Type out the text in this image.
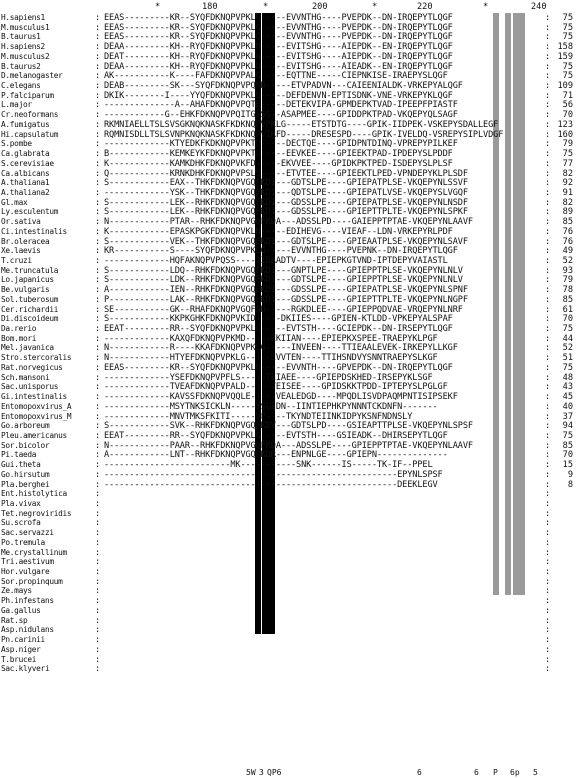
*	180	*	200	*	220	*	240
H.sapiens1	: EEAS---------KR--SYQFDKNQPVPKLG-----EVVNTHG----PVEPDK--DN-IRQEPYTLQGF	:	75
M.musculus1	: EEAS---------KR--SYQFDKNQPVPKLG-----EVVNTHG----PVEPDK--DN-IRQEPYTLQGF	:	75
B.taurus1	: EEAS---------KR--SYQFDKNQPVPKLG-----EVVNTHG----PVEPDK--DN-IRQEPYTLQGF	:	75
H.sapiens2	: DEAA---------KH--RYQFDKNQPVPKLN-----EVITSHG----AIEPDK--EN-IRQEPYTLQGF	: 158
M.musculus2	: DEAT---------KH--RYQFDKNQPVPKLN-----EVITSHG----AIEPDK--DN-IRQEPYTLQGF	: 159
B.taurus2	: DEAA---------KH--RYQFDKNQPVPKLN-----EVITSHG----AIEADK--EN-IRQEPYTLQGF	:	75
D.melanogaster	: AK-----------K----FAFDKNQPVPALG-----EQTTNE-----CIEPNKISE-IRAEPYSLQGF	:	75
C.elegans	: DEAB---------SK---SYQFDKNQPVPQMD-----ETVPADVN---CAIEENIALDK-VRKEPYALQGF	: 109
P.falciparum	: DKIK--------I----YYQFDKNQPVPKLG-----DEFDENVN-EPTISDNK-VNE-VRKEPYKLQGF	:	71
L.major	: --------------A--AHAFDKNQPVPQTE-----DETEKVIPA-GPMDEPKTVAD-IPEEPFPIASTF	:	56
Cr.neoformans	: ------------G--EHKFDKNQPVPQITG-SG--ASAPMEE----GPIDDPKTPAD-VKQEPYQLSAGF	:	70
A.fumigatus	: RKMNIAELLTSLSVSGKNQKNASKFKDKNQPVPKLG-----ETSTDTG----GPIK-IIDPEK-VSKEPYSDALLEGF	: 123
Hi.capsulatum	: RQMNISDLLTSLSVNPKNQKNASKFKDKNQPVIRFD-----DRESESPD----GPIK-IVELDQ-VSREPYSIPLVDGF	: 160
S.pombe	: -------------KTYEDKFKDKNQPVPKTD-----DECTQE----GPIDPNTDINQ-VPREPYPILKEF	:	79
Ca.glabrata	: B------------KEMKEYKFDKNQPVPKTD-----EEVKEE----GPIEEKTPAD-IPDEPYSLPDDF	:	75
S.cerevisiae	: K------------KAMKDHKFDKNQPVKFD-----EKVVEE----GPIDKPKTPED-ISDEPYSLPLSF	:	77
Ca.albicans	: Q------------KRNKDHKFDKNQPVPSLS-----ETVTEE----GPIEEKTLPED-VPNDEPYKLPLSDF	:	82
A.thaliana1	: S------------EAX--THKFDKNQPVGQFKDI---GDTSLPE----GPIEPATPLSE-VKQEPYNLSSVF	:	92
A.thaliana2	: -------------YSK--THKFDKNQPVGQFKDI---QDTSLPE----GPIEPATLVSE-VKQEPYSLVGQF	:	91
Gl.max	: S------------LEK--RHKFDKNQPVGQFKDI---GDSSLPE----GPIEPATPLSE-VKQEPYNLNSDF	:	82
Ly.esculentum	: S------------LEK--RHKFDKNQPVGQFKDI---GDSSLPE----GPIEPTTPLTE-VKQEPYNLSPKF	:	89
Or.sativa	: N------------PTAR--RHKFDKNQPVGQFKDA---ADSSLPD----GAIEPPTPTAE-VKQEPYNLAAVF	:	85
Ci.intestinalis	: K------------EPASKPGKFDKNQPVKLN-----EDIHEVG----VIEAF--LDN-VRKEPYRLPDF	:	76
Br.oleracea	: S------------VEK--THKFDKNQPVGQFKDI---GDTSLPE----GPIEAATPLSE-VKQEPYNLSAVF	:	76
Xe.laevis	: KR-----------S----SYQFDKNQPVPKLG-----EVVNTHG----PVEPNK--DN-IRQEPYTLQGF	:	49
T.cruzi	: -------------HQFAKNQPVPQSS-----IDAADTV----EPIEPKGTVND-IPTDEPYVAIASTL	:	52
Me.truncatula	: S------------LDQ--RHKFDKNQPVGQFKDI---GNPTLPE----GPIEPPTPLSE-VKQEPYNLNLV	:	93
Lo.japanicus	: S------------LDK--RHKFDKNQPVGQFKDI---GDTSLPE----GPIEPPTPLSE-VKQEPYNLNLV	:	79
Be.vulgaris	: A------------IEN--RHKFDKNQPVGQFKDI---GDSSLPE----GPIEPATPLSE-VKQEPYNLSPNF	:	78
Sol.tuberosum	: P------------LAK--RHKFDKNQPVGQFKDI---GDSSLPE----GPIEPTTPLTE-VKQEPYNLNGPF	:	85
Cer.richardii	: SE-----------GK--RHAFDKNQPVGQFAD-----RGKDLEE----GPIEPPQDVAE-VRQEPYNLNRF	:	61
Di.discoideum	: S------------KKPKGHKFDKNQPVKID-----DKIIES----GPIEN-KTLDD-VPKEPYALSPAF	:	70
Da.rerio	: EEAT---------RR--SYQFDKNQPVPKLG-----EVTSTH----GCIEPDK--DN-IRSEPYTLQGF	:	75
Bom.mori	: -------------KAXQFDKNQPVPKMD-----EKIIAN----EPIEPKXSPEE-TRAEPYKLPGF	:	44
Mel.javanica	: N------------R----KKAFDKNQPVPKLG-----INVEEN----TTIEAALEVEK-IRKEPYLLKGF	:	52
Stro.stercoralis	: N------------HTYEFDKNQPVPKLG-----EVVTEN----TTIHSNDVYSNNTRAEPYSLKGF	:	51
Rat.norvegicus	: EEAS---------KR--SYQFDKNQPVPKLG-----EVVNTH----GPVEPDK--DN-IRQEPYTLQGF	:	75
Sch.mansoni	: -------------YSEFDKNQPVPFLS-----TEIAEE----GPIEPDSKHED-IRSEPYKLSGF	:	48
Sac.unisporus	: -------------TVEAFDKNQPVPALD-----TEISEE----GPIDSKKTPDD-IPTEPYSLPGLGF	:	43
Gi.intestinalis	: -------------KAVSSFDKNQPVQQLE-----VEALEDGD----MPQDLISVDPAQMPNTISIPSEKF	:	45
Entomopoxvirus_A	: -------------MSYTNKSICKLN-----YSGIDN--IINTIEPHKPYNNNTCKDNFN-------	:	40
Entomopoxvirus_M	: -------------MNVTMKSFKITI-----VF----TKYNDTEIINKIDPYKSNFNDNSLY	:	37
Go.arboreum	: S------------SVK--RHKFDKNQPVGQFKDV---GDTSLPD----GSIEAPTTPLSE-VKQEPYNLSPSF	:	94
Pleu.americanus	: EEAT---------RR--SYQFDKNQPVPKLG-----EVTSTH----GSIEADK--DHIRSEPYTLQGF	:	75
Sor.bicolor	: N------------PAAR--RHKFDKNQPVGQFKDA---ADSSLPE----GPIEPPTPTAE-VKQEPYNLAAVF	:	85
Pi.taeda	: A------------LNT--RHKFDKNQPVGQFKDR---ENPNLGE----GPIEPN--------------	:	70
Gui.theta	: -------------------------MK-----------SNK------IS-----TK-IF--PPEL	:	15
Go.hirsutum	: ----------------------------------------------------------EPYNLSPSF	:	9
Pla.berghei	: ----------------------------------------------------------DEEKLEGV	:	8
Ent.histolytica	:	:
Pla.vivax	:	:
Tet.negroviridis	:	:
Su.scrofa	:	:
Sac.servazzi	:	:
Po.tremula	:	:
Me.crystallinum	:	:
Tri.aestivum	:	:
Hor.vulgare	:	:
Sor.propinquum	:	:
Ze.mays	:	:
Ph.infestans	:	:
Ga.gallus	:	:
Rat.sp	:	:
Asp.nidulans	:	:
Pn.carinii	:	:
Asp.niger	:	:
T.brucei	:	:
Sac.klyveri	:	:
5W 3 QP6	6	6 P 6p 5
